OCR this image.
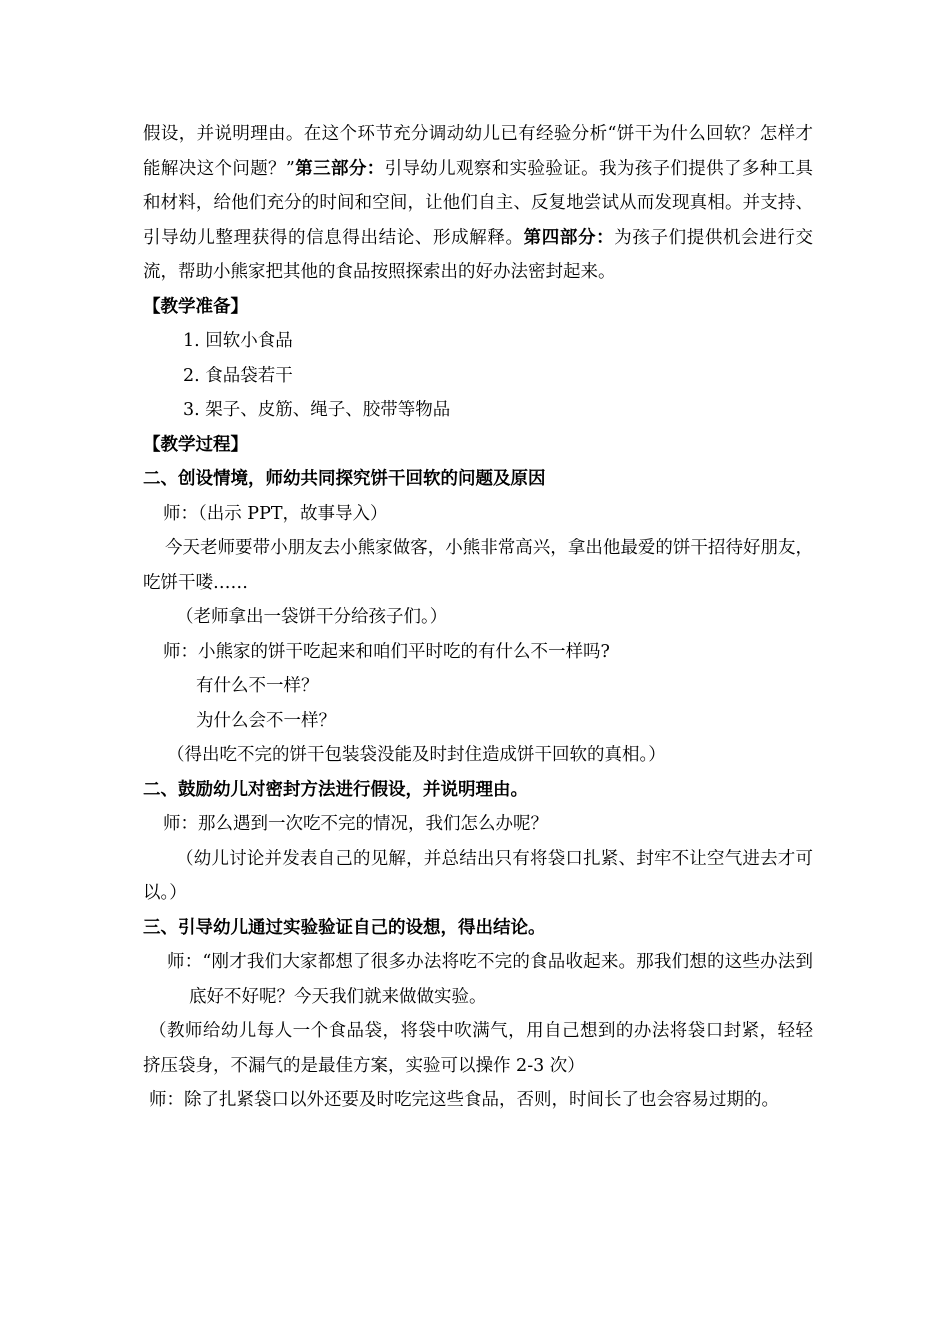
假设，并说明理由。在这个环节充分调动幼儿已有经验分析“饼干为什么回软？怎样才能解决这个问题？”第三部分：引导幼儿观察和实验验证。我为孩子们提供了多种工具和材料，给他们充分的时间和空间，让他们自主、反复地尝试从而发现真相。并支持、引导幼儿整理获得的信息得出结论、形成解释。第四部分：为孩子们提供机会进行交流，帮助小熊家把其他的食品按照探索出的好办法密封起来。

【教学准备】

1. 回软小食品

2. 食品袋若干

3. 架子、皮筋、绳子、胶带等物品

【教学过程】

二、创设情境，师幼共同探究饼干回软的问题及原因

师：（出示 PPT，故事导入）

今天老师要带小朋友去小熊家做客，小熊非常高兴，拿出他最爱的饼干招待好朋友，吃饼干喽……

（老师拿出一袋饼干分给孩子们。）

师：小熊家的饼干吃起来和咱们平时吃的有什么不一样吗?

有什么不一样？

为什么会不一样？

（得出吃不完的饼干包装袋没能及时封住造成饼干回软的真相。）

二、鼓励幼儿对密封方法进行假设，并说明理由。

师：那么遇到一次吃不完的情况，我们怎么办呢？

（幼儿讨论并发表自己的见解，并总结出只有将袋口扎紧、封牢不让空气进去才可以。）

三、引导幼儿通过实验验证自己的设想，得出结论。

师：“刚才我们大家都想了很多办法将吃不完的食品收起来。那我们想的这些办法到底好不好呢？今天我们就来做做实验。

（教师给幼儿每人一个食品袋，将袋中吹满气，用自己想到的办法将袋口封紧，轻轻挤压袋身，不漏气的是最佳方案，实验可以操作 2-3 次）

师：除了扎紧袋口以外还要及时吃完这些食品，否则，时间长了也会容易过期的。
